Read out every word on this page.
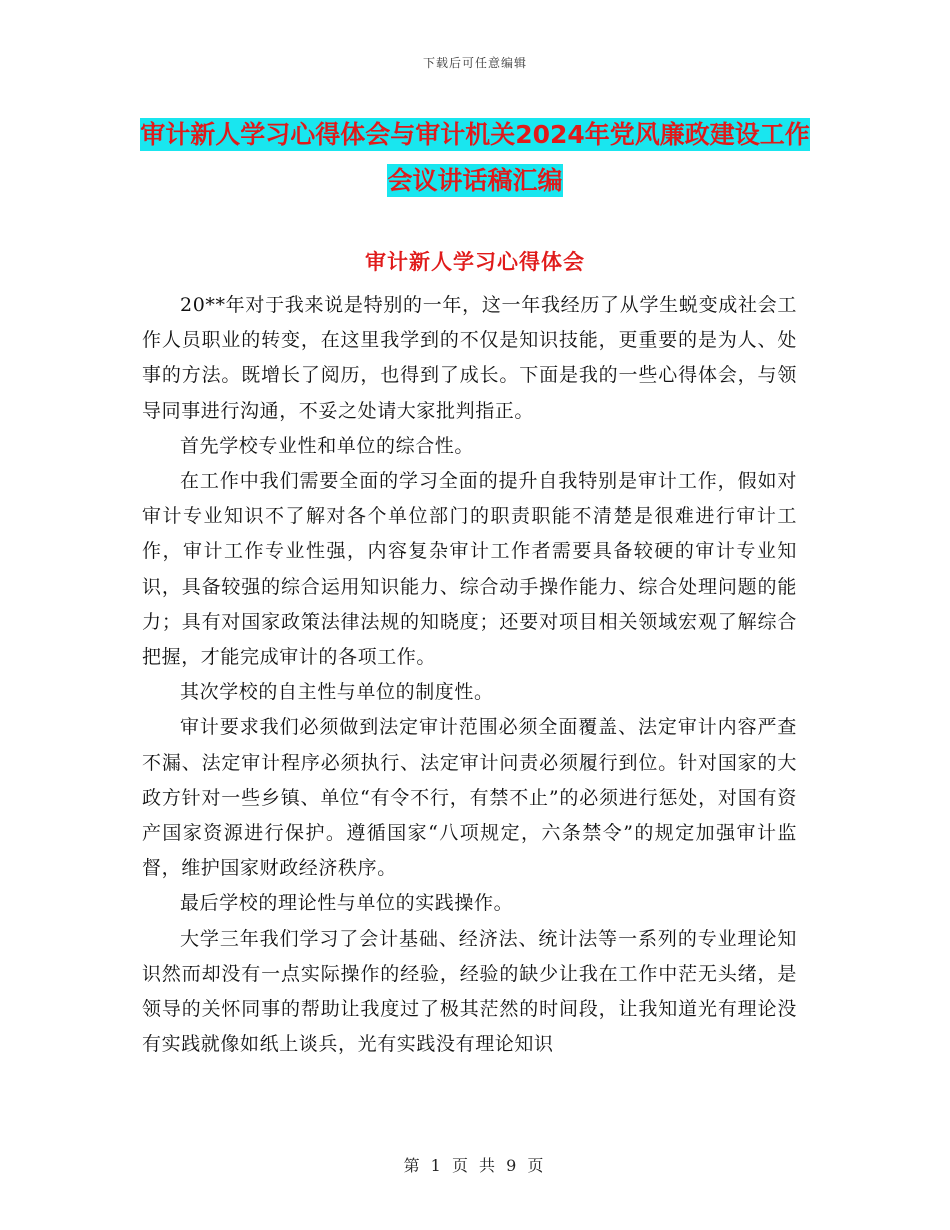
下载后可任意编辑
审计新人学习心得体会与审计机关2024年党风廉政建设工作会议讲话稿汇编
审计新人学习心得体会

20**年对于我来说是特别的一年，这一年我经历了从学生蜕变成社会工作人员职业的转变，在这里我学到的不仅是知识技能，更重要的是为人、处事的方法。既增长了阅历，也得到了成长。下面是我的一些心得体会，与领导同事进行沟通，不妥之处请大家批判指正。

首先学校专业性和单位的综合性。

在工作中我们需要全面的学习全面的提升自我特别是审计工作，假如对审计专业知识不了解对各个单位部门的职责职能不清楚是很难进行审计工作，审计工作专业性强，内容复杂审计工作者需要具备较硬的审计专业知识，具备较强的综合运用知识能力、综合动手操作能力、综合处理问题的能力；具有对国家政策法律法规的知晓度；还要对项目相关领域宏观了解综合把握，才能完成审计的各项工作。

其次学校的自主性与单位的制度性。

审计要求我们必须做到法定审计范围必须全面覆盖、法定审计内容严查不漏、法定审计程序必须执行、法定审计问责必须履行到位。针对国家的大政方针对一些乡镇、单位“有令不行，有禁不止”的必须进行惩处，对国有资产国家资源进行保护。遵循国家“八项规定，六条禁令”的规定加强审计监督，维护国家财政经济秩序。

最后学校的理论性与单位的实践操作。

大学三年我们学习了会计基础、经济法、统计法等一系列的专业理论知识然而却没有一点实际操作的经验，经验的缺少让我在工作中茫无头绪，是领导的关怀同事的帮助让我度过了极其茫然的时间段，让我知道光有理论没有实践就像如纸上谈兵，光有实践没有理论知识

第 1 页 共 9 页
